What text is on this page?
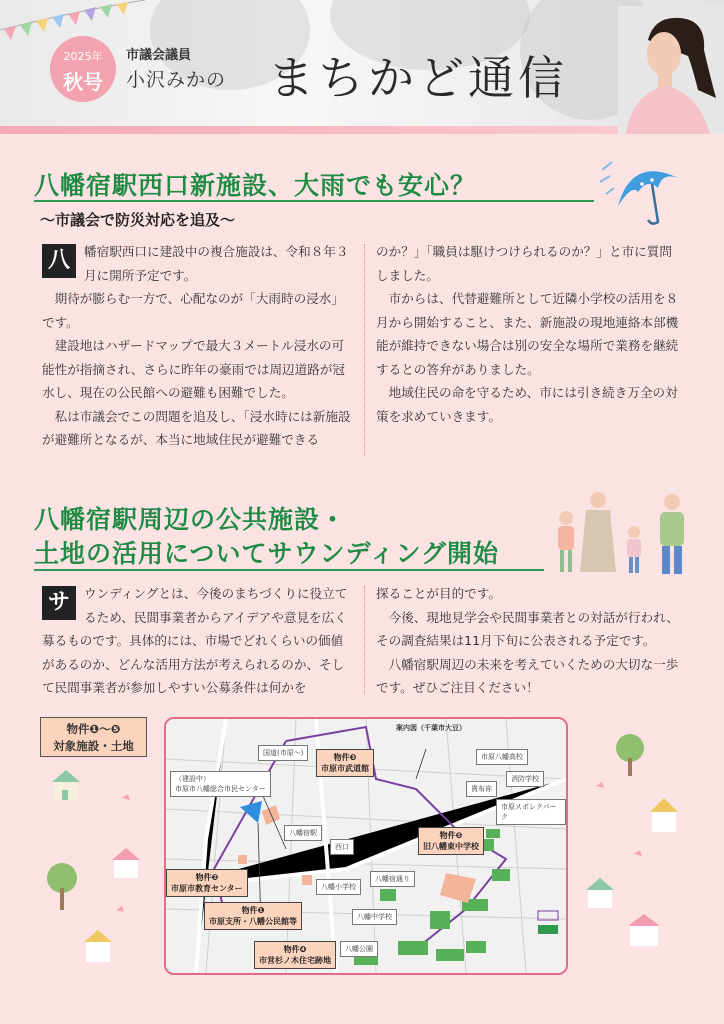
2025年
秋号
市議会議員
小沢みかの まちかど通信
八幡宿駅西口新施設、大雨でも安心？
〜市議会で防災対応を追及〜
八	幡宿駅西口に建設中の複合施設は、令和８年３月に開所予定です。

期待が膨らむ一方で、心配なのが「大雨時の浸水」です。

建設地はハザードマップで最大３メートル浸水の可能性が指摘され、さらに昨年の豪雨では周辺道路が冠水し、現在の公民館への避難も困難でした。

私は市議会でこの問題を追及し、「浸水時には新施設が避難所となるが、本当に地域住民が避難できる

のか？」「職員は駆けつけられるのか？」と市に質問しました。

市からは、代替避難所として近隣小学校の活用を８月から開始すること、また、新施設の現地連絡本部機能が維持できない場合は別の安全な場所で業務を継続するとの答弁がありました。

地域住民の命を守るため、市には引き続き万全の対策を求めていきます。

八幡宿駅周辺の公共施設・
土地の活用についてサウンディング開始
サ	ウンディングとは、今後のまちづくりに役立てるため、民間事業者からアイデアや意見を広く募るものです。具体的には、市場でどれくらいの価値があるのか、どんな活用方法が考えられるのか、そして民間事業者が参加しやすい公募条件は何かを

探ることが目的です。

今後、現地見学会や民間事業者との対話が行われ、その調査結果は11月下旬に公表される予定です。

八幡宿駅周辺の未来を考えていくための大切な一歩です。ぜひご注目ください！

物件❶〜❺
対象施設・土地
案内図（千葉市大豆）
物件❸
市原市武道館
物件❷
市原市教育センター
物件❶
市原支所・八幡公民館等
物件❹
市営杉ノ木住宅跡地
物件❺
旧八幡東中学校
（建設中）
市原市八幡総合市民センター
国道(市原～)
八幡宿駅
西口
市原八幡高校
消防学校
貴布祢
市原スポレクパーク
八幡小学校
八幡宿通り
八幡中学校
八幡公園
